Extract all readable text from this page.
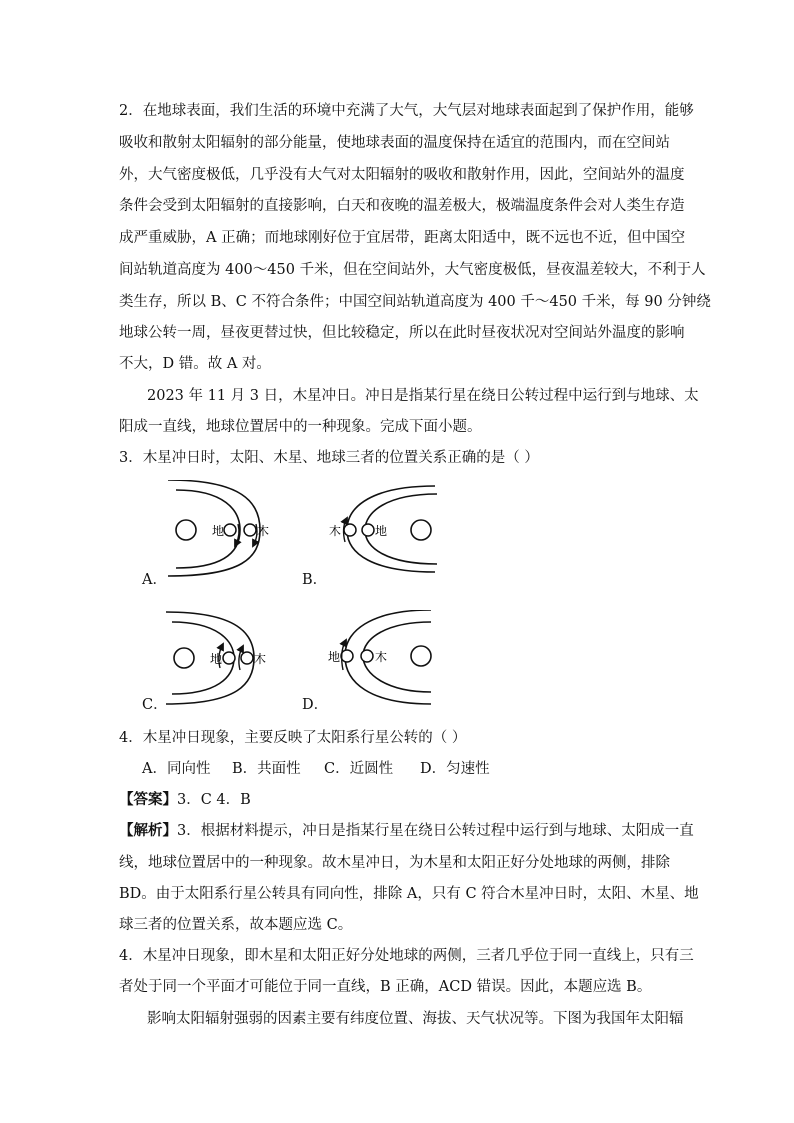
2．在地球表面，我们生活的环境中充满了大气，大气层对地球表面起到了保护作用，能够
吸收和散射太阳辐射的部分能量，使地球表面的温度保持在适宜的范围内，而在空间站
外，大气密度极低，几乎没有大气对太阳辐射的吸收和散射作用，因此，空间站外的温度
条件会受到太阳辐射的直接影响，白天和夜晚的温差极大，极端温度条件会对人类生存造
成严重威胁，A 正确；而地球刚好位于宜居带，距离太阳适中，既不远也不近，但中国空
间站轨道高度为 400～450 千米，但在空间站外，大气密度极低，昼夜温差较大，不利于人
类生存，所以 B、C 不符合条件；中国空间站轨道高度为 400 千～450 千米，每 90 分钟绕
地球公转一周，昼夜更替过快，但比较稳定，所以在此时昼夜状况对空间站外温度的影响
不大，D 错。故 A 对。
2023 年 11 月 3 日，木星冲日。冲日是指某行星在绕日公转过程中运行到与地球、太
阳成一直线，地球位置居中的一种现象。完成下面小题。
3．木星冲日时，太阳、木星、地球三者的位置关系正确的是（ ）
A．	B．
C．	D．
地	木	木	地
地	木	地	木
4．木星冲日现象，主要反映了太阳系行星公转的（ ）
A．同向性 B．共面性 C．近圆性 D．匀速性
【答案】3．C 4．B
【解析】3．根据材料提示，冲日是指某行星在绕日公转过程中运行到与地球、太阳成一直
线，地球位置居中的一种现象。故木星冲日，为木星和太阳正好分处地球的两侧，排除
BD。由于太阳系行星公转具有同向性，排除 A，只有 C 符合木星冲日时，太阳、木星、地
球三者的位置关系，故本题应选 C。
4．木星冲日现象，即木星和太阳正好分处地球的两侧，三者几乎位于同一直线上，只有三
者处于同一个平面才可能位于同一直线，B 正确，ACD 错误。因此，本题应选 B。
影响太阳辐射强弱的因素主要有纬度位置、海拔、天气状况等。下图为我国年太阳辐
